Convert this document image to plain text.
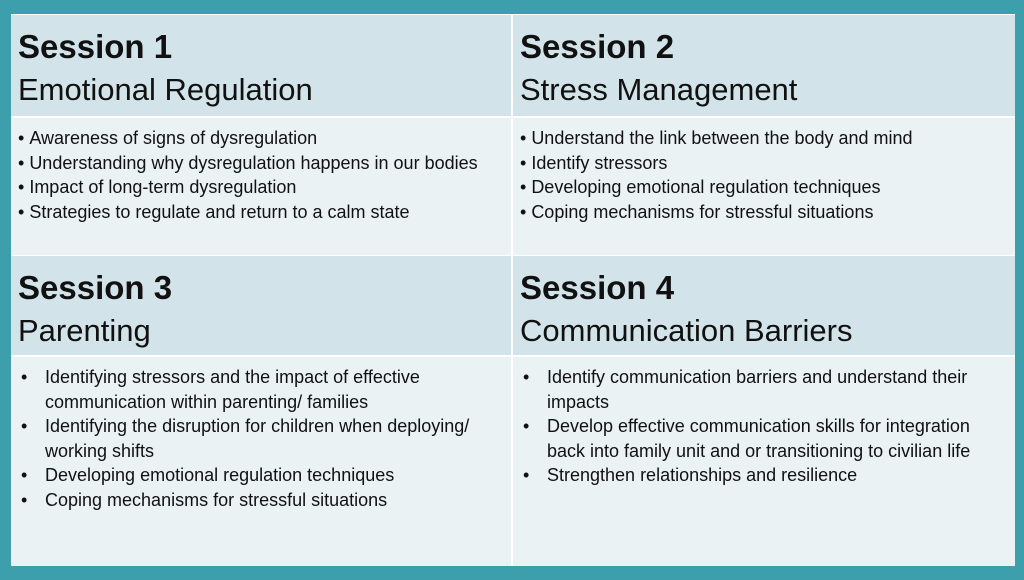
Session 1
Emotional Regulation
Session 2
Stress Management
• Awareness of signs of dysregulation
• Understanding why dysregulation happens in our bodies
• Impact of long-term dysregulation
• Strategies to regulate and return to a calm state
• Understand the link between the body and mind
• Identify stressors
• Developing emotional regulation techniques
• Coping mechanisms for stressful situations
Session 3
Parenting
Session 4
Communication Barriers
• Identifying stressors and the impact of effective communication within parenting/ families
• Identifying the disruption for children when deploying/ working shifts
• Developing emotional regulation techniques
• Coping mechanisms for stressful situations
• Identify communication barriers and understand their impacts
• Develop effective communication skills for integration back into family unit and or transitioning to civilian life
• Strengthen relationships and resilience
